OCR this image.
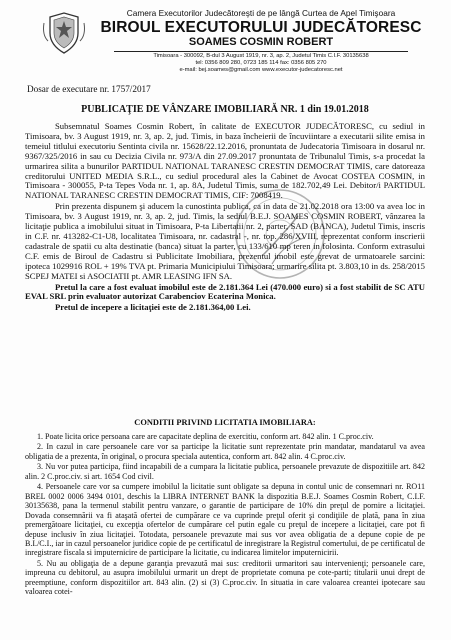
Camera Executorilor Judecătoreşti de pe lângă Curtea de Apel Timişoara
BIROUL EXECUTORULUI JUDECĂTORESC
SOAMES COSMIN ROBERT
Timisoara - 300092, B-dul 3 August 1919, nr. 3, ap. 2, Judetul Timis C.I.F. 30135638
tel: 0356 809 280, 0723 185 114 fax: 0356 805 270
e-mail: bej.soames@gmail.com www.executor-judecatoresc.net
Dosar de executare nr. 1757/2017
PUBLICAŢIE DE VÂNZARE IMOBILIARĂ NR. 1 din 19.01.2018

Subsemnatul Soames Cosmin Robert, în calitate de EXECUTOR JUDECĂTORESC, cu sediul in Timisoara, bv. 3 August 1919, nr. 3, ap. 2, jud. Timis, in baza încheierii de încuviintare a executarii silite emisa in temeiul titlului executoriu Sentinta civila nr. 15628/22.12.2016, pronuntata de Judecatoria Timisoara in dosarul nr. 9367/325/2016 in sau cu Decizia Civila nr. 973/A din 27.09.2017 pronuntata de Tribunalul Timis, s-a procedat la urmarirea silita a bunurilor PARTIDUL NATIONAL TARANESC CRESTIN DEMOCRAT TIMIS, care datoreaza creditorului UNITED MEDIA S.R.L., cu sediul procedural ales la Cabinet de Avocat COSTEA COSMIN, in Timisoara - 300055, P-ta Tepes Voda nr. 1, ap. 8A, Judetul Timis, suma de 182.702,49 Lei. Debitor/i PARTIDUL NATIONAL TARANESC CRESTIN DEMOCRAT TIMIS, CIF: 7008419.

Prin prezenta dispunem şi aducem la cunostinta publica, ca in data de 21.02.2018 ora 13:00 va avea loc in Timisoara, bv. 3 August 1919, nr. 3, ap. 2, jud. Timis, la sediul B.E.J. SOAMES COSMIN ROBERT, vânzarea la licitaţie publica a imobilului situat in Timisoara, P-ta Libertatii nr. 2, parter, SAD (BANCA), Judetul Timis, inscris in C.F. nr. 413282-C1-U8, localitatea Timisoara, nr. cadastral -, nr. top. 286/XVIII, reprezentat conform inscrierii cadastrale de spatii cu alta destinatie (banca) situat la parter, cu 133/610 mp teren in folosinta. Conform extrasului C.F. emis de Biroul de Cadastru si Publicitate Imobiliara, prezentul imobil este grevat de urmatoarele sarcini: ipoteca 1029916 ROL + 19% TVA pt. Primaria Municipiului Timisoara; urmarire silita pt. 3.803,10 in ds. 258/2015 SCPEJ MATEI si ASOCIATII pt. AMR LEASING IFN SA.

Pretul la care a fost evaluat imobilul este de 2.181.364 Lei (470.000 euro) si a fost stabilit de SC ATU EVAL SRL prin evaluator autorizat Carabenciov Ecaterina Monica.

Pretul de incepere a licitaţiei este de 2.181.364,00 Lei.

CONDITII PRIVIND LICITATIA IMOBILIARA:

1. Poate licita orice persoana care are capacitate deplina de exercitiu, conform art. 842 alin. 1 C.proc.civ.

2. In cazul in care persoanele care vor sa participe la licitatie sunt reprezentate prin mandatar, mandatarul va avea obligatia de a prezenta, în original, o procura speciala autentica, conform art. 842 alin. 4 C.proc.civ.

3. Nu vor putea participa, fiind incapabili de a cumpara la licitatie publica, persoanele prevazute de dispozitiile art. 842 alin. 2 C.proc.civ. si art. 1654 Cod civil.

4. Persoanele care vor sa cumpere imobilul la licitatie sunt obligate sa depuna in contul unic de consemnari nr. RO11 BREL 0002 0006 3494 0101, deschis la LIBRA INTERNET BANK la dispozitia B.E.J. Soames Cosmin Robert, C.I.F. 30135638, pana la termenul stabilit pentru vanzare, o garantie de participare de 10% din preţul de pornire a licitaţiei. Dovada consemnării va fi ataşată ofertei de cumpărare ce va cuprinde preţul oferit şi condiţiile de plată, pana în ziua premergătoare licitaţiei, cu excepţia ofertelor de cumpărare cel putin egale cu preţul de incepere a licitaţiei, care pot fi depuse inclusiv în ziua licitaţiei. Totodata, persoanele prevazute mai sus vor avea obligatia de a depune copie de pe B.I./C.I., iar in cazul persoanelor juridice copie de pe certificatul de inregistrare la Registrul comertului, de pe certificatul de inregistrare fiscala si imputernicire de participare la licitatie, cu indicarea limitelor imputernicirii.

5. Nu au obligaţia de a depune garanţia prevazută mai sus: creditorii urmaritori sau intervenienţi; persoanele care, impreuna cu debitorul, au asupra imobilului urmarit un drept de proprietate comuna pe cote-parti; titularii unui drept de preemptiune, conform dispozitiilor art. 843 alin. (2) si (3) C.proc.civ. In situatia in care valoarea creantei ipotecare sau valoarea cotei-
